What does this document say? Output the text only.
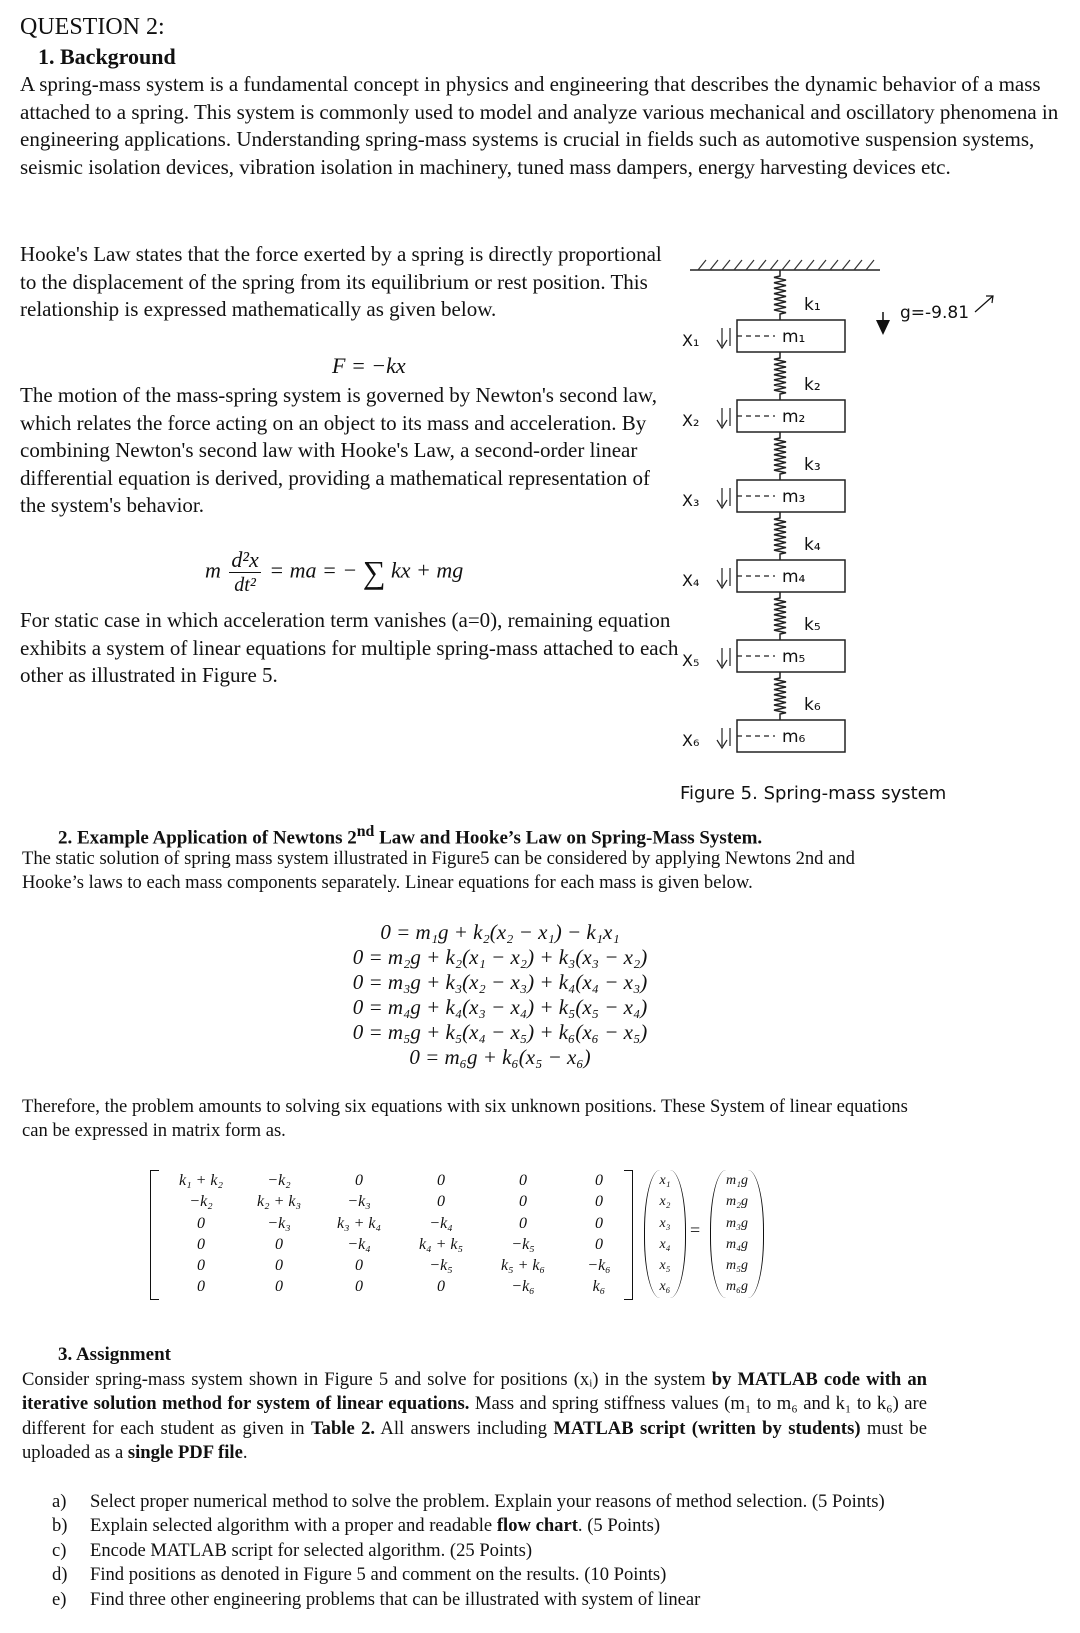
QUESTION 2:
1. Background

A spring-mass system is a fundamental concept in physics and engineering that describes the dynamic behavior of a mass attached to a spring. This system is commonly used to model and analyze various mechanical and oscillatory phenomena in engineering applications. Understanding spring-mass systems is crucial in fields such as automotive suspension systems, seismic isolation devices, vibration isolation in machinery, tuned mass dampers, energy harvesting devices etc.

Hooke's Law states that the force exerted by a spring is directly proportional to the displacement of the spring from its equilibrium or rest position. This relationship is expressed mathematically as given below.

F = −kx

The motion of the mass-spring system is governed by Newton's second law, which relates the force acting on an object to its mass and acceleration. By combining Newton's second law with Hooke's Law, a second-order linear differential equation is derived, providing a mathematical representation of the system's behavior.

m $\frac{\text{d²x}}{\text{dt²}}$ = ma = − ∑ kx + mg

For static case in which acceleration term vanishes (a=0), remaining equation exhibits a system of linear equations for multiple spring-mass attached to each other as illustrated in Figure 5.

g=-9.81
k₁
m₁
X₁
k₂
m₂
X₂
k₃
m₃
X₃
k₄
m₄
X₄
k₅
m₅
X₅
k₆
m₆
X₆
Figure 5. Spring-mass system
2. Example Application of Newtons 2nd Law and Hooke’s Law on Spring-Mass System.

The static solution of spring mass system illustrated in Figure5 can be considered by applying Newtons 2nd and Hooke’s laws to each mass components separately. Linear equations for each mass is given below.

0 = m₁g + k₂(x₂ − x₁) − k₁x₁
0 = m₂g + k₂(x₁ − x₂) + k₃(x₃ − x₂)
0 = m₃g + k₃(x₂ − x₃) + k₄(x₄ − x₃)
0 = m₄g + k₄(x₃ − x₄) + k₅(x₅ − x₄)
0 = m₅g + k₅(x₄ − x₅) + k₆(x₆ − x₅)
0 = m₆g + k₆(x₅ − x₆)

Therefore, the problem amounts to solving six equations with six unknown positions. These System of linear equations can be expressed in matrix form as.

k₁ + k₂	−k₂	0	0	0	0
−k₂	k₂ + k₃	−k₃	0	0	0
0	−k₃	k₃ + k₄	−k₄	0	0
0	0	−k₄	k₄ + k₅	−k₅	0
0	0	0	−k₅	k₅ + k₆	−k₆
0	0	0	0	−k₆	k₆
x₁
x₂
x₃
x₄
x₅
x₆
=
m₁g
m₂g
m₃g
m₄g
m₅g
m₆g
3. Assignment

Consider spring-mass system shown in Figure 5 and solve for positions (xᵢ) in the system by MATLAB code with an iterative solution method for system of linear equations. Mass and spring stiffness values (m₁ to m₆ and k₁ to k₆) are different for each student as given in Table 2. All answers including MATLAB script (written by students) must be uploaded as a single PDF file.

a) Select proper numerical method to solve the problem. Explain your reasons of method selection. (5 Points)
b) Explain selected algorithm with a proper and readable flow chart. (5 Points)
c) Encode MATLAB script for selected algorithm. (25 Points)
d) Find positions as denoted in Figure 5 and comment on the results. (10 Points)
e) Find three other engineering problems that can be illustrated with system of linear
